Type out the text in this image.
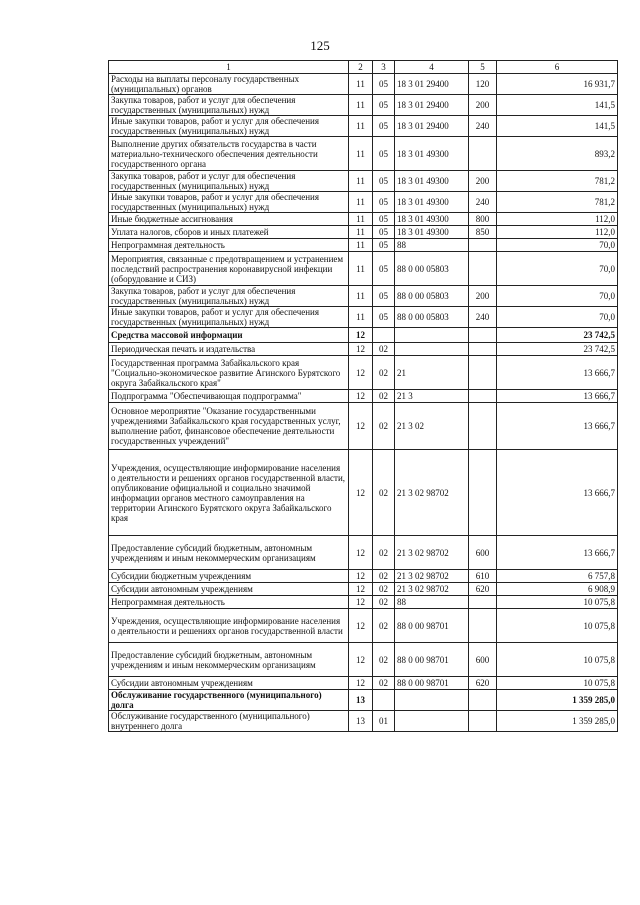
125
1	2	3	4	5	6
Расходы на выплаты персоналу государственных (муниципальных) органов	11	05	18 3 01 29400	120	16 931,7
Закупка товаров, работ и услуг для обеспечения государственных (муниципальных) нужд	11	05	18 3 01 29400	200	141,5
Иные закупки товаров, работ и услуг для обеспечения государственных (муниципальных) нужд	11	05	18 3 01 29400	240	141,5
Выполнение других обязательств государства в части материально-технического обеспечения деятельности государственного органа	11	05	18 3 01 49300		893,2
Закупка товаров, работ и услуг для обеспечения государственных (муниципальных) нужд	11	05	18 3 01 49300	200	781,2
Иные закупки товаров, работ и услуг для обеспечения государственных (муниципальных) нужд	11	05	18 3 01 49300	240	781,2
Иные бюджетные ассигнования	11	05	18 3 01 49300	800	112,0
Уплата налогов, сборов и иных платежей	11	05	18 3 01 49300	850	112,0
Непрограммная деятельность	11	05	88		70,0
Мероприятия, связанные с предотвращением и устранением последствий распространения коронавирусной инфекции (оборудование и СИЗ)	11	05	88 0 00 05803		70,0
Закупка товаров, работ и услуг для обеспечения государственных (муниципальных) нужд	11	05	88 0 00 05803	200	70,0
Иные закупки товаров, работ и услуг для обеспечения государственных (муниципальных) нужд	11	05	88 0 00 05803	240	70,0
Средства массовой информации	12				23 742,5
Периодическая печать и издательства	12	02			23 742,5
Государственная программа Забайкальского края "Социально-экономическое развитие Агинского Бурятского округа Забайкальского края"	12	02	21		13 666,7
Подпрограмма "Обеспечивающая подпрограмма"	12	02	21 3		13 666,7
Основное мероприятие "Оказание государственными учреждениями Забайкальского края государственных услуг, выполнение работ, финансовое обеспечение деятельности государственных учреждений"	12	02	21 3 02		13 666,7
Учреждения, осуществляющие информирование населения о деятельности и решениях органов государственной власти, опубликование официальной и социально значимой информации органов местного самоуправления на территории Агинского Бурятского округа Забайкальского края	12	02	21 3 02 98702		13 666,7
Предоставление субсидий бюджетным, автономным учреждениям и иным некоммерческим организациям	12	02	21 3 02 98702	600	13 666,7
Субсидии бюджетным учреждениям	12	02	21 3 02 98702	610	6 757,8
Субсидии автономным учреждениям	12	02	21 3 02 98702	620	6 908,9
Непрограммная деятельность	12	02	88		10 075,8
Учреждения, осуществляющие информирование населения о деятельности и решениях органов государственной власти	12	02	88 0 00 98701		10 075,8
Предоставление субсидий бюджетным, автономным учреждениям и иным некоммерческим организациям	12	02	88 0 00 98701	600	10 075,8
Субсидии автономным учреждениям	12	02	88 0 00 98701	620	10 075,8
Обслуживание государственного (муниципального) долга	13				1 359 285,0
Обслуживание государственного (муниципального) внутреннего долга	13	01			1 359 285,0
